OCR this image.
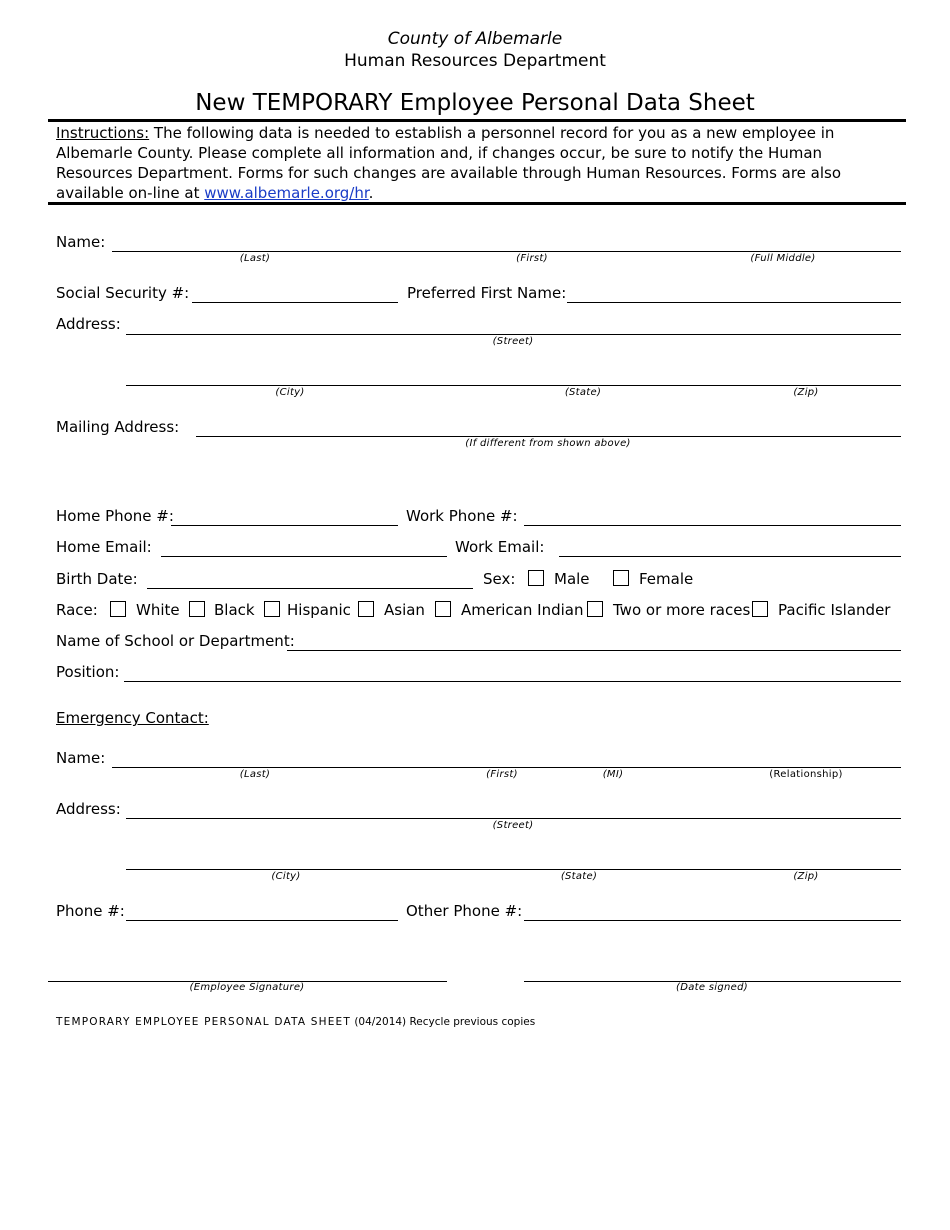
County of Albemarle
Human Resources Department
New TEMPORARY Employee Personal Data Sheet
Instructions: The following data is needed to establish a personnel record for you as a new employee in Albemarle County. Please complete all information and, if changes occur, be sure to notify the Human Resources Department. Forms for such changes are available through Human Resources. Forms are also available on-line at www.albemarle.org/hr.
Name:
(Last)	(First)	(Full Middle)
Social Security #:	Preferred First Name:
Address:
(Street)
(City)	(State)	(Zip)
Mailing Address:
(If different from shown above)
Home Phone #:	Work Phone #:
Home Email:	Work Email:
Birth Date:	Sex:	Male	Female
Race:	White Black Hispanic Asian American Indian Two or more races Pacific Islander
Name of School or Department:
Position:
Emergency Contact:
Name:
(Last)	(First)	(MI)	(Relationship)
Address:
(Street)
(City)	(State)	(Zip)
Phone #:	Other Phone #:
(Employee Signature)	(Date signed)
TEMPORARY EMPLOYEE PERSONAL DATA SHEET (04/2014) Recycle previous copies
